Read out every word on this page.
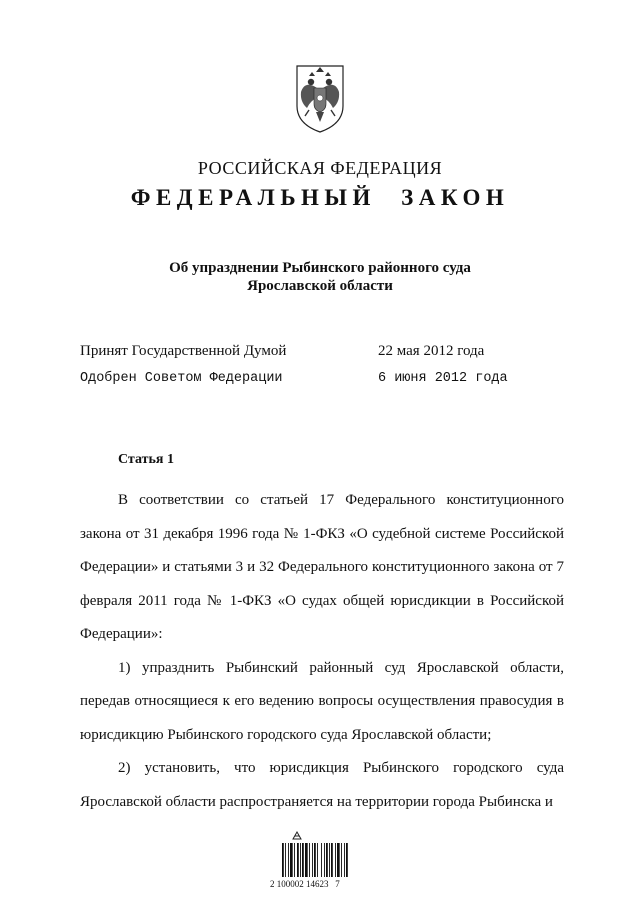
РОССИЙСКАЯ ФЕДЕРАЦИЯ
ФЕДЕРАЛЬНЫЙ ЗАКОН
Об упразднении Рыбинского районного суда
Ярославской области
Принят Государственной Думой	22 мая 2012 года
Одобрен Советом Федерации	6 июня 2012 года
Статья 1

В соответствии со статьей 17 Федерального конституционного закона от 31 декабря 1996 года № 1-ФКЗ «О судебной системе Российской Федерации» и статьями 3 и 32 Федерального конституционного закона от 7 февраля 2011 года № 1-ФКЗ «О судах общей юрисдикции в Российской Федерации»:

1) упразднить Рыбинский районный суд Ярославской области, передав относящиеся к его ведению вопросы осуществления правосудия в юрисдикцию Рыбинского городского суда Ярославской области;

2) установить, что юрисдикция Рыбинского городского суда Ярославской области распространяется на территории города Рыбинска и

2 100002 14623   7
